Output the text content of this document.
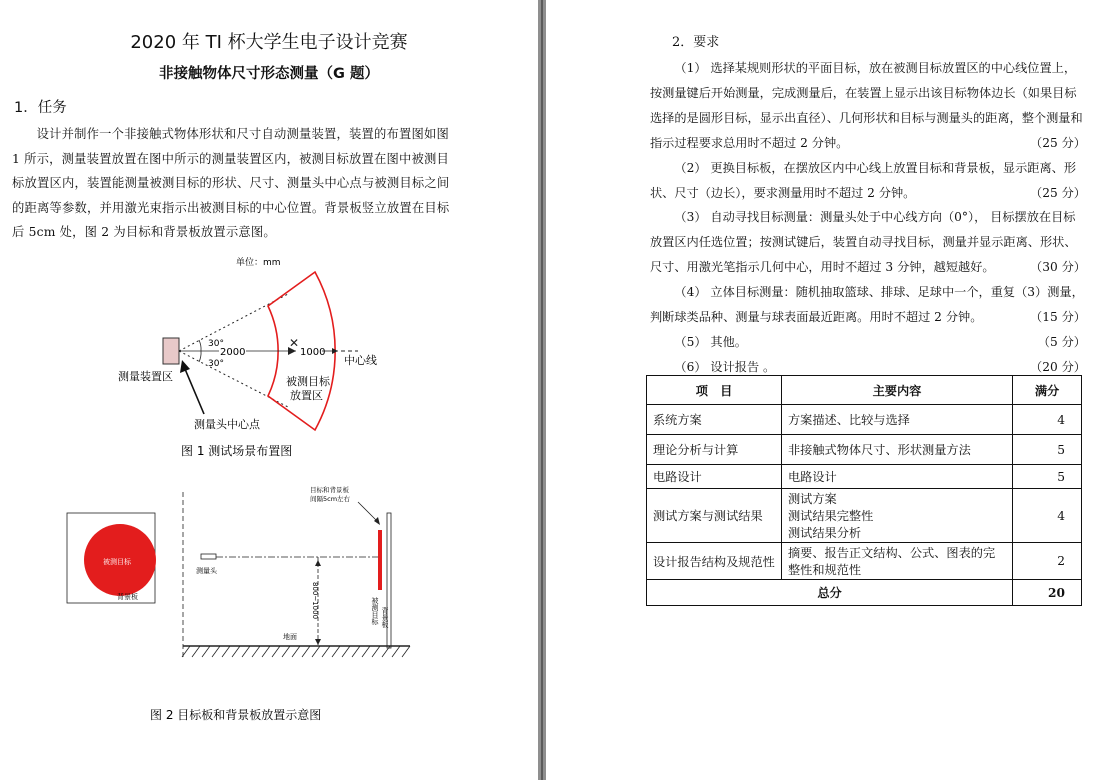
2020 年 TI 杯大学生电子设计竞赛
非接触物体尺寸形态测量（G 题）
1．任务
设计并制作一个非接触式物体形状和尺寸自动测量装置，装置的布置图如图 1 所示，测量装置放置在图中所示的测量装置区内，被测目标放置在图中被测目标放置区内，装置能测量被测目标的形状、尺寸、测量头中心点与被测目标之间的距离等参数，并用激光束指示出被测目标的中心位置。背景板竖立放置在目标后 5cm 处，图 2 为目标和背景板放置示意图。
单位：mm
30°
30°
2000
✕
1000
中心线
测量装置区	被测目标
放置区
测量头中心点
图 1 测试场景布置图
被测目标
背景板
目标和背景板
间隔5cm左右
测量头
800~1000	被测目标 背景板
地面
图 2 目标板和背景板放置示意图
2．要求

（1） 选择某规则形状的平面目标，放在被测目标放置区的中心线位置上，按测量键后开始测量，完成测量后，在装置上显示出该目标物体边长（如果目标选择的是圆形目标，显示出直径）、几何形状和目标与测量头的距离，整个测量和指示过程要求总用时不超过 2 分钟。	（25 分）

（2） 更换目标板，在摆放区内中心线上放置目标和背景板，显示距离、形状、尺寸（边长），要求测量用时不超过 2 分钟。	（25 分）

（3） 自动寻找目标测量：测量头处于中心线方向（0°）， 目标摆放在目标放置区内任选位置；按测试键后，装置自动寻找目标，测量并显示距离、形状、尺寸、用激光笔指示几何中心，用时不超过 3 分钟，越短越好。	（30 分）

（4） 立体目标测量：随机抽取篮球、排球、足球中一个，重复（3）测量，判断球类品种、测量与球表面最近距离。用时不超过 2 分钟。	（15 分）

（5） 其他。	（5 分）

（6） 设计报告 。	（20 分）

项　目	主要内容	满分
系统方案	方案描述、比较与选择	4
理论分析与计算	非接触式物体尺寸、形状测量方法	5
电路设计	电路设计	5
测试方案与测试结果	测试方案
测试结果完整性
测试结果分析	4
设计报告结构及规范性	摘要、报告正文结构、公式、图表的完整性和规范性	2
总分		20
